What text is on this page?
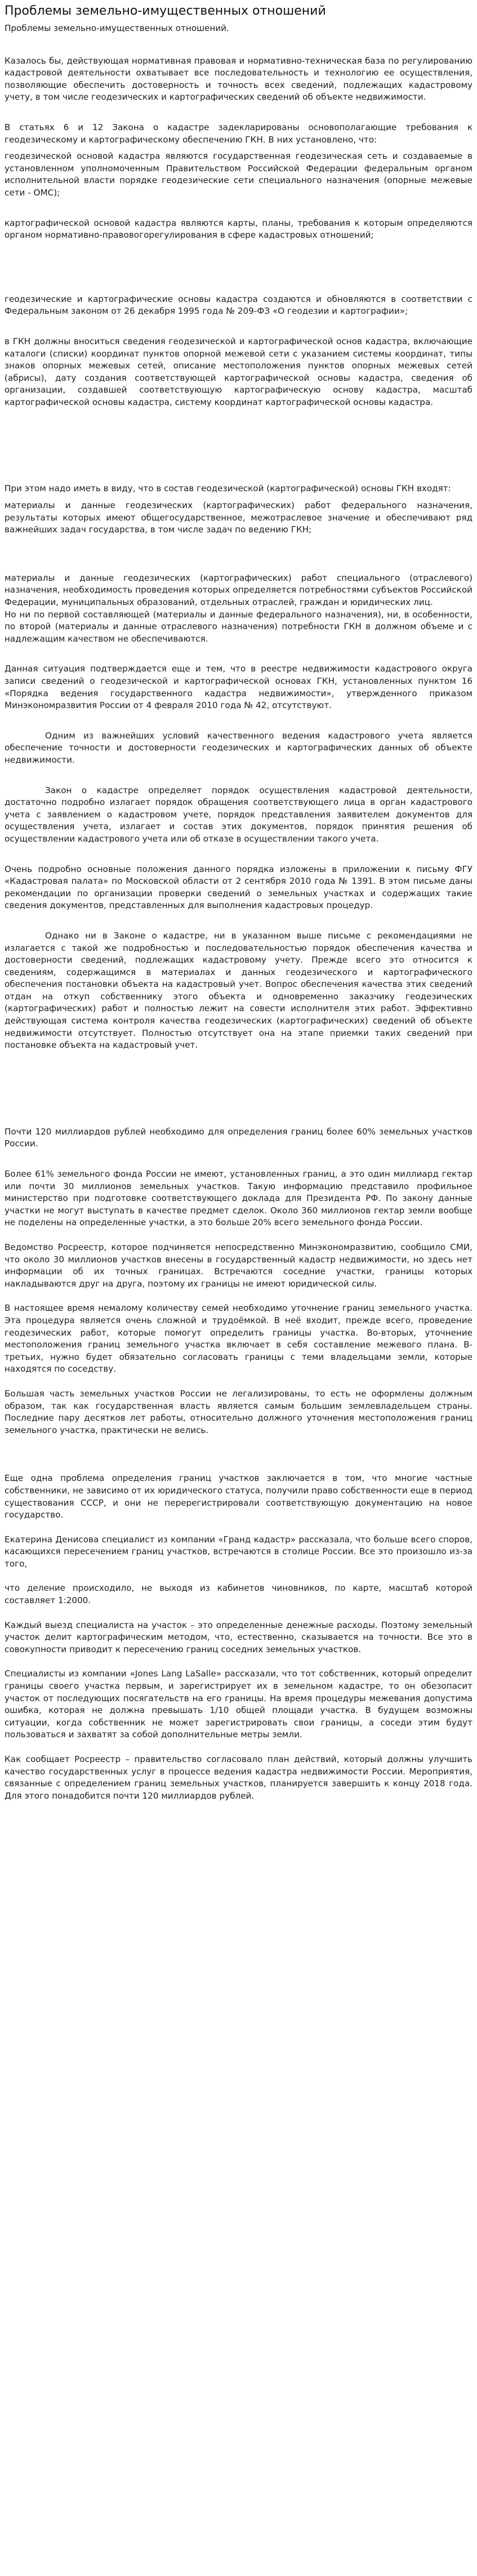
Проблемы земельно-имущественных отношений

Проблемы земельно-имущественных отношений.

Казалось бы, действующая нормативная правовая и нормативно-техническая база по регулированию кадастровой деятельности охватывает все последовательность и технологию ее осуществления, позволяющие обеспечить достоверность и точность всех сведений, подлежащих кадастровому учету, в том числе геодезических и картографических сведений об объекте недвижимости.

В статьях 6 и 12 Закона о кадастре задекларированы основополагающие требования к геодезическому и картографическому обеспечению ГКН. В них установлено, что:

геодезической основой кадастра являются государственная геодезическая сеть и создаваемые в установленном уполномоченным Правительством Российской Федерации федеральным органом исполнительной власти порядке геодезические сети специального назначения (опорные межевые сети - ОМС);

картографической основой кадастра являются карты, планы, требования к которым определяются органом нормативно-правовогорегулирования в сфере кадастровых отношений;

геодезические и картографические основы кадастра создаются и обновляются в соответствии с Федеральным законом от 26 декабря 1995 года № 209-ФЗ «О геодезии и картографии»;

в ГКН должны вноситься сведения геодезической и картографической основ кадастра, включающие каталоги (списки) координат пунктов опорной межевой сети с указанием системы координат, типы знаков опорных межевых сетей, описание местоположения пунктов опорных межевых сетей (абрисы), дату создания соответствующей картографической основы кадастра, сведения об организации, создавшей соответствующую картографическую основу кадастра, масштаб картографической основы кадастра, систему координат картографической основы кадастра.

При этом надо иметь в виду, что в состав геодезической (картографической) основы ГКН входят:

материалы и данные геодезических (картографических) работ федерального назначения, результаты которых имеют общегосударственное, межотраслевое значение и обеспечивают ряд важнейших задач государства, в том числе задач по ведению ГКН;

материалы и данные геодезических (картографических) работ специального (отраслевого) назначения, необходимость проведения которых определяется потребностями субъектов Российской Федерации, муниципальных образований, отдельных отраслей, граждан и юридических лиц.

Но ни по первой составляющей (материалы и данные федерального назначения), ни, в особенности, по второй (материалы и данные отраслевого назначения) потребности ГКН в должном объеме и с надлежащим качеством не обеспечиваются.

Данная ситуация подтверждается еще и тем, что в реестре недвижимости кадастрового округа записи сведений о геодезической и картографической основах ГКН, установленных пунктом 16 «Порядка ведения государственного кадастра недвижимости», утвержденного приказом Минэкономразвития России от 4 февраля 2010 года № 42, отсутствуют.

Одним из важнейших условий качественного ведения кадастрового учета является обеспечение точности и достоверности геодезических и картографических данных об объекте недвижимости.

Закон о кадастре определяет порядок осуществления кадастровой деятельности, достаточно подробно излагает порядок обращения соответствующего лица в орган кадастрового учета с заявлением о кадастровом учете, порядок представления заявителем документов для осуществления учета, излагает и состав этих документов, порядок принятия решения об осуществлении кадастрового учета или об отказе в осуществлении такого учета.

Очень подробно основные положения данного порядка изложены в приложении к письму ФГУ «Кадастровая палата» по Московской области от 2 сентября 2010 года № 1391. В этом письме даны рекомендации по организации проверки сведений о земельных участках и содержащих такие сведения документов, представленных для выполнения кадастровых процедур.

Однако ни в Законе о кадастре, ни в указанном выше письме с рекомендациями не излагается с такой же подробностью и последовательностью порядок обеспечения качества и достоверности сведений, подлежащих кадастровому учету. Прежде всего это относится к сведениям, содержащимся в материалах и данных геодезического и картографического обеспечения постановки объекта на кадастровый учет. Вопрос обеспечения качества этих сведений отдан на откуп собственнику этого объекта и одновременно заказчику геодезических (картографических) работ и полностью лежит на совести исполнителя этих работ. Эффективно действующая система контроля качества геодезических (картографических) сведений об объекте недвижимости отсутствует. Полностью отсутствует она на этапе приемки таких сведений при постановке объекта на кадастровый учет.

Почти 120 миллиардов рублей необходимо для определения границ более 60% земельных участков России.

Более 61% земельного фонда России не имеют, установленных границ, а это один миллиард гектар или почти 30 миллионов земельных участков. Такую информацию представило профильное министерство при подготовке соответствующего доклада для Президента РФ. По закону данные участки не могут выступать в качестве предмет сделок. Около 360 миллионов гектар земли вообще не поделены на определенные участки, а это больше 20% всего земельного фонда России.

Ведомство Росреестр, которое подчиняется непосредственно Минэкономразвитию, сообщило СМИ, что около 30 миллионов участков внесены в государственный кадастр недвижимости, но здесь нет информации об их точных границах. Встречаются соседние участки, границы которых накладываются друг на друга, поэтому их границы не имеют юридической силы.

В настоящее время немалому количеству семей необходимо уточнение границ земельного участка. Эта процедура является очень сложной и трудоёмкой. В неё входит, прежде всего, проведение геодезических работ, которые помогут определить границы участка. Во-вторых, уточнение местоположения границ земельного участка включает в себя составление межевого плана. В-третьих, нужно будет обязательно согласовать границы с теми владельцами земли, которые находятся по соседству.

Большая часть земельных участков России не легализированы, то есть не оформлены должным образом, так как государственная власть является самым большим землевладельцем страны. Последние пару десятков лет работы, относительно должного уточнения местоположения границ земельного участка, практически не велись.

Еще одна проблема определения границ участков заключается в том, что многие частные собственники, не зависимо от их юридического статуса, получили право собственности еще в период существования СССР, и они не перерегистрировали соответствующую документацию на новое государство.

Екатерина Денисова специалист из компании «Гранд кадастр» рассказала, что больше всего споров, касающихся пересечением границ участков, встречаются в столице России. Все это произошло из-за того,

что деление происходило, не выходя из кабинетов чиновников, по карте, масштаб которой составляет 1:2000.

Каждый выезд специалиста на участок – это определенные денежные расходы. Поэтому земельный участок делит картографическим методом, что, естественно, сказывается на точности. Все это в совокупности приводит к пересечению границ соседних земельных участков.

Специалисты из компании «Jones Lang LaSalle» рассказали, что тот собственник, который определит границы своего участка первым, и зарегистрирует их в земельном кадастре, то он обезопасит участок от последующих посягательств на его границы. На время процедуры межевания допустима ошибка, которая не должна превышать 1/10 общей площади участка. В будущем возможны ситуации, когда собственник не может зарегистрировать свои границы, а соседи этим будут пользоваться и захватят за собой дополнительные метры земли.

Как сообщает Росреестр – правительство согласовало план действий, который должны улучшить качество государственных услуг в процессе ведения кадастра недвижимости России. Мероприятия, связанные с определением границ земельных участков, планируется завершить к концу 2018 года. Для этого понадобится почти 120 миллиардов рублей.
